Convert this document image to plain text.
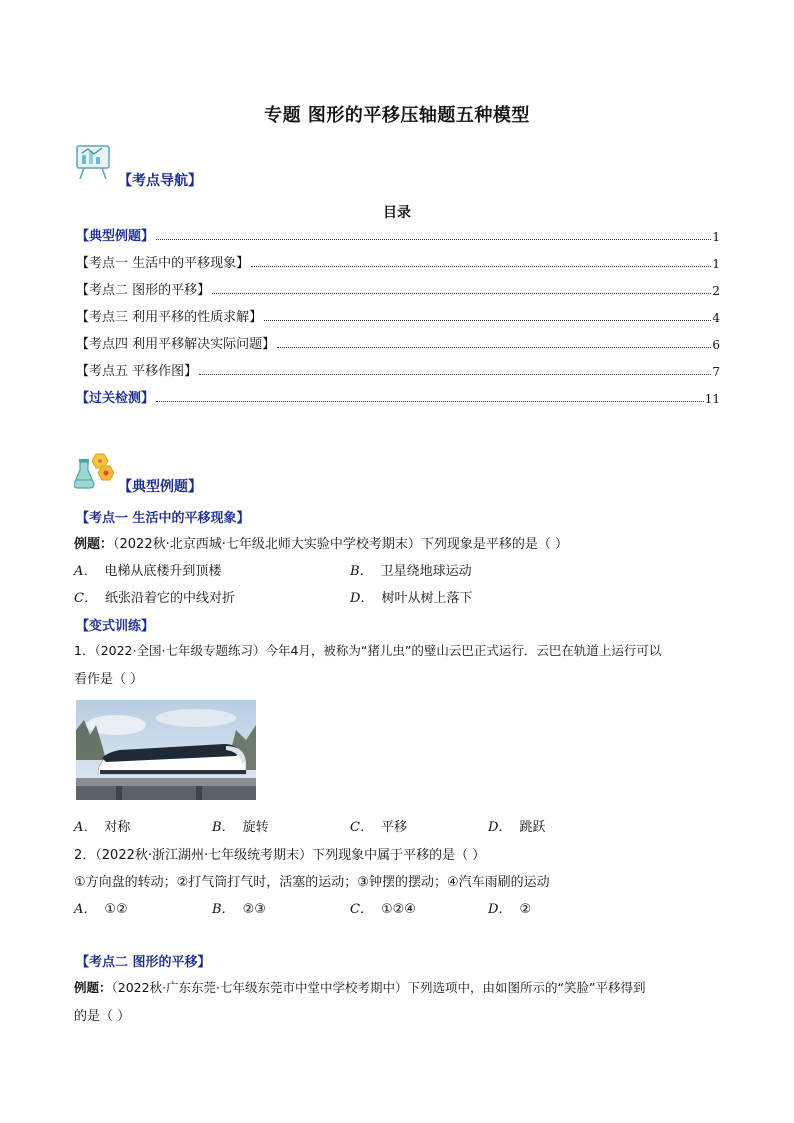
专题 图形的平移压轴题五种模型
【考点导航】
目录
【典型例题】	1
【考点一 生活中的平移现象】	1
【考点二 图形的平移】	2
【考点三 利用平移的性质求解】	4
【考点四 利用平移解决实际问题】	6
【考点五 平移作图】	7
【过关检测】	11
【典型例题】
【考点一 生活中的平移现象】
例题：（2022秋·北京西城·七年级北师大实验中学校考期末）下列现象是平移的是（ ）
A． 电梯从底楼升到顶楼	B． 卫星绕地球运动
C． 纸张沿着它的中线对折	D． 树叶从树上落下
【变式训练】
1．（2022·全国·七年级专题练习）今年4月，被称为“猪儿虫”的璧山云巴正式运行．云巴在轨道上运行可以
看作是（ ）
A． 对称	B． 旋转	C． 平移	D． 跳跃
2．（2022秋·浙江湖州·七年级统考期末）下列现象中属于平移的是（ ）
①方向盘的转动；②打气筒打气时，活塞的运动；③钟摆的摆动；④汽车雨刷的运动
A． ①②	B． ②③	C． ①②④	D． ②
【考点二 图形的平移】
例题：（2022秋·广东东莞·七年级东莞市中堂中学校考期中）下列选项中，由如图所示的“笑脸”平移得到
的是（ ）
